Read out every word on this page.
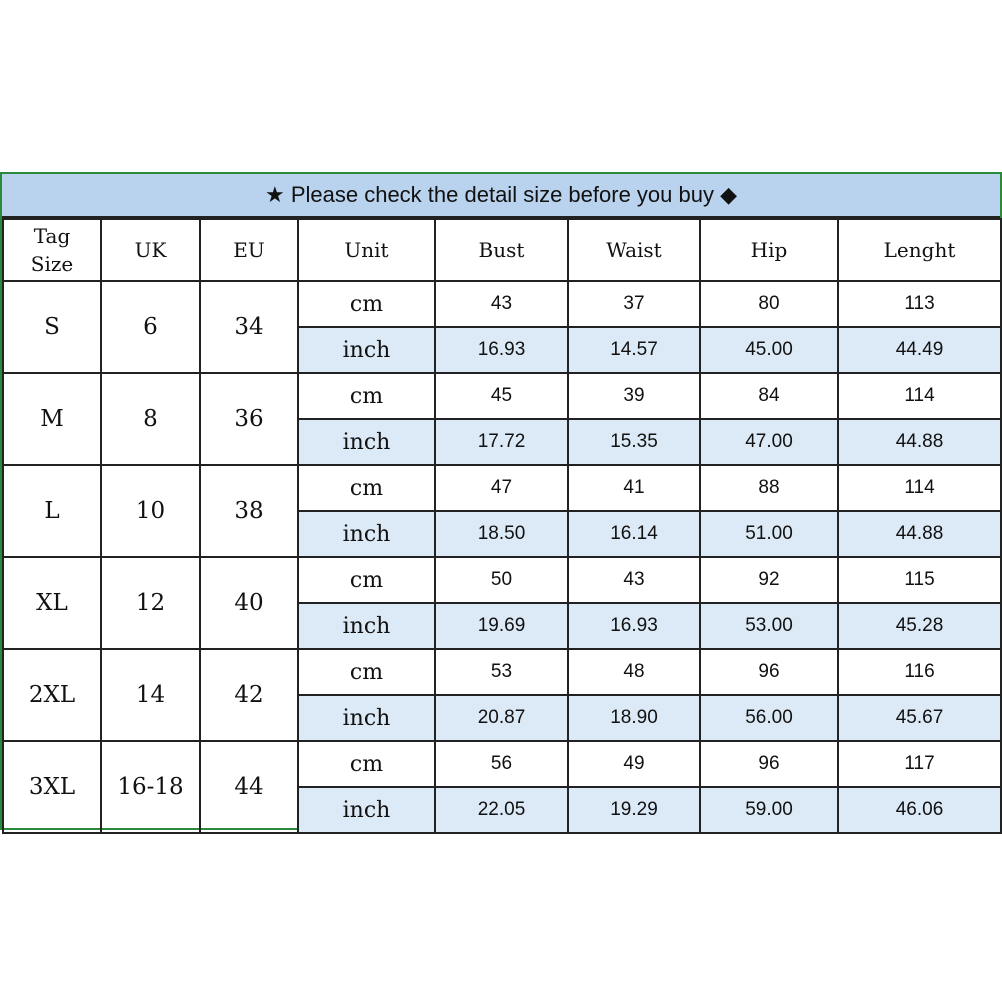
★
Please check the detail size before you buy
◆
Tag Size	UK	EU	Unit	Bust	Waist	Hip	Lenght
S	6	34	cm	43	37	80	113
			inch	16.93	14.57	45.00	44.49
M	8	36	cm	45	39	84	114
			inch	17.72	15.35	47.00	44.88
L	10	38	cm	47	41	88	114
			inch	18.50	16.14	51.00	44.88
XL	12	40	cm	50	43	92	115
			inch	19.69	16.93	53.00	45.28
2XL	14	42	cm	53	48	96	116
			inch	20.87	18.90	56.00	45.67
3XL	16-18	44	cm	56	49	96	117
			inch	22.05	19.29	59.00	46.06
